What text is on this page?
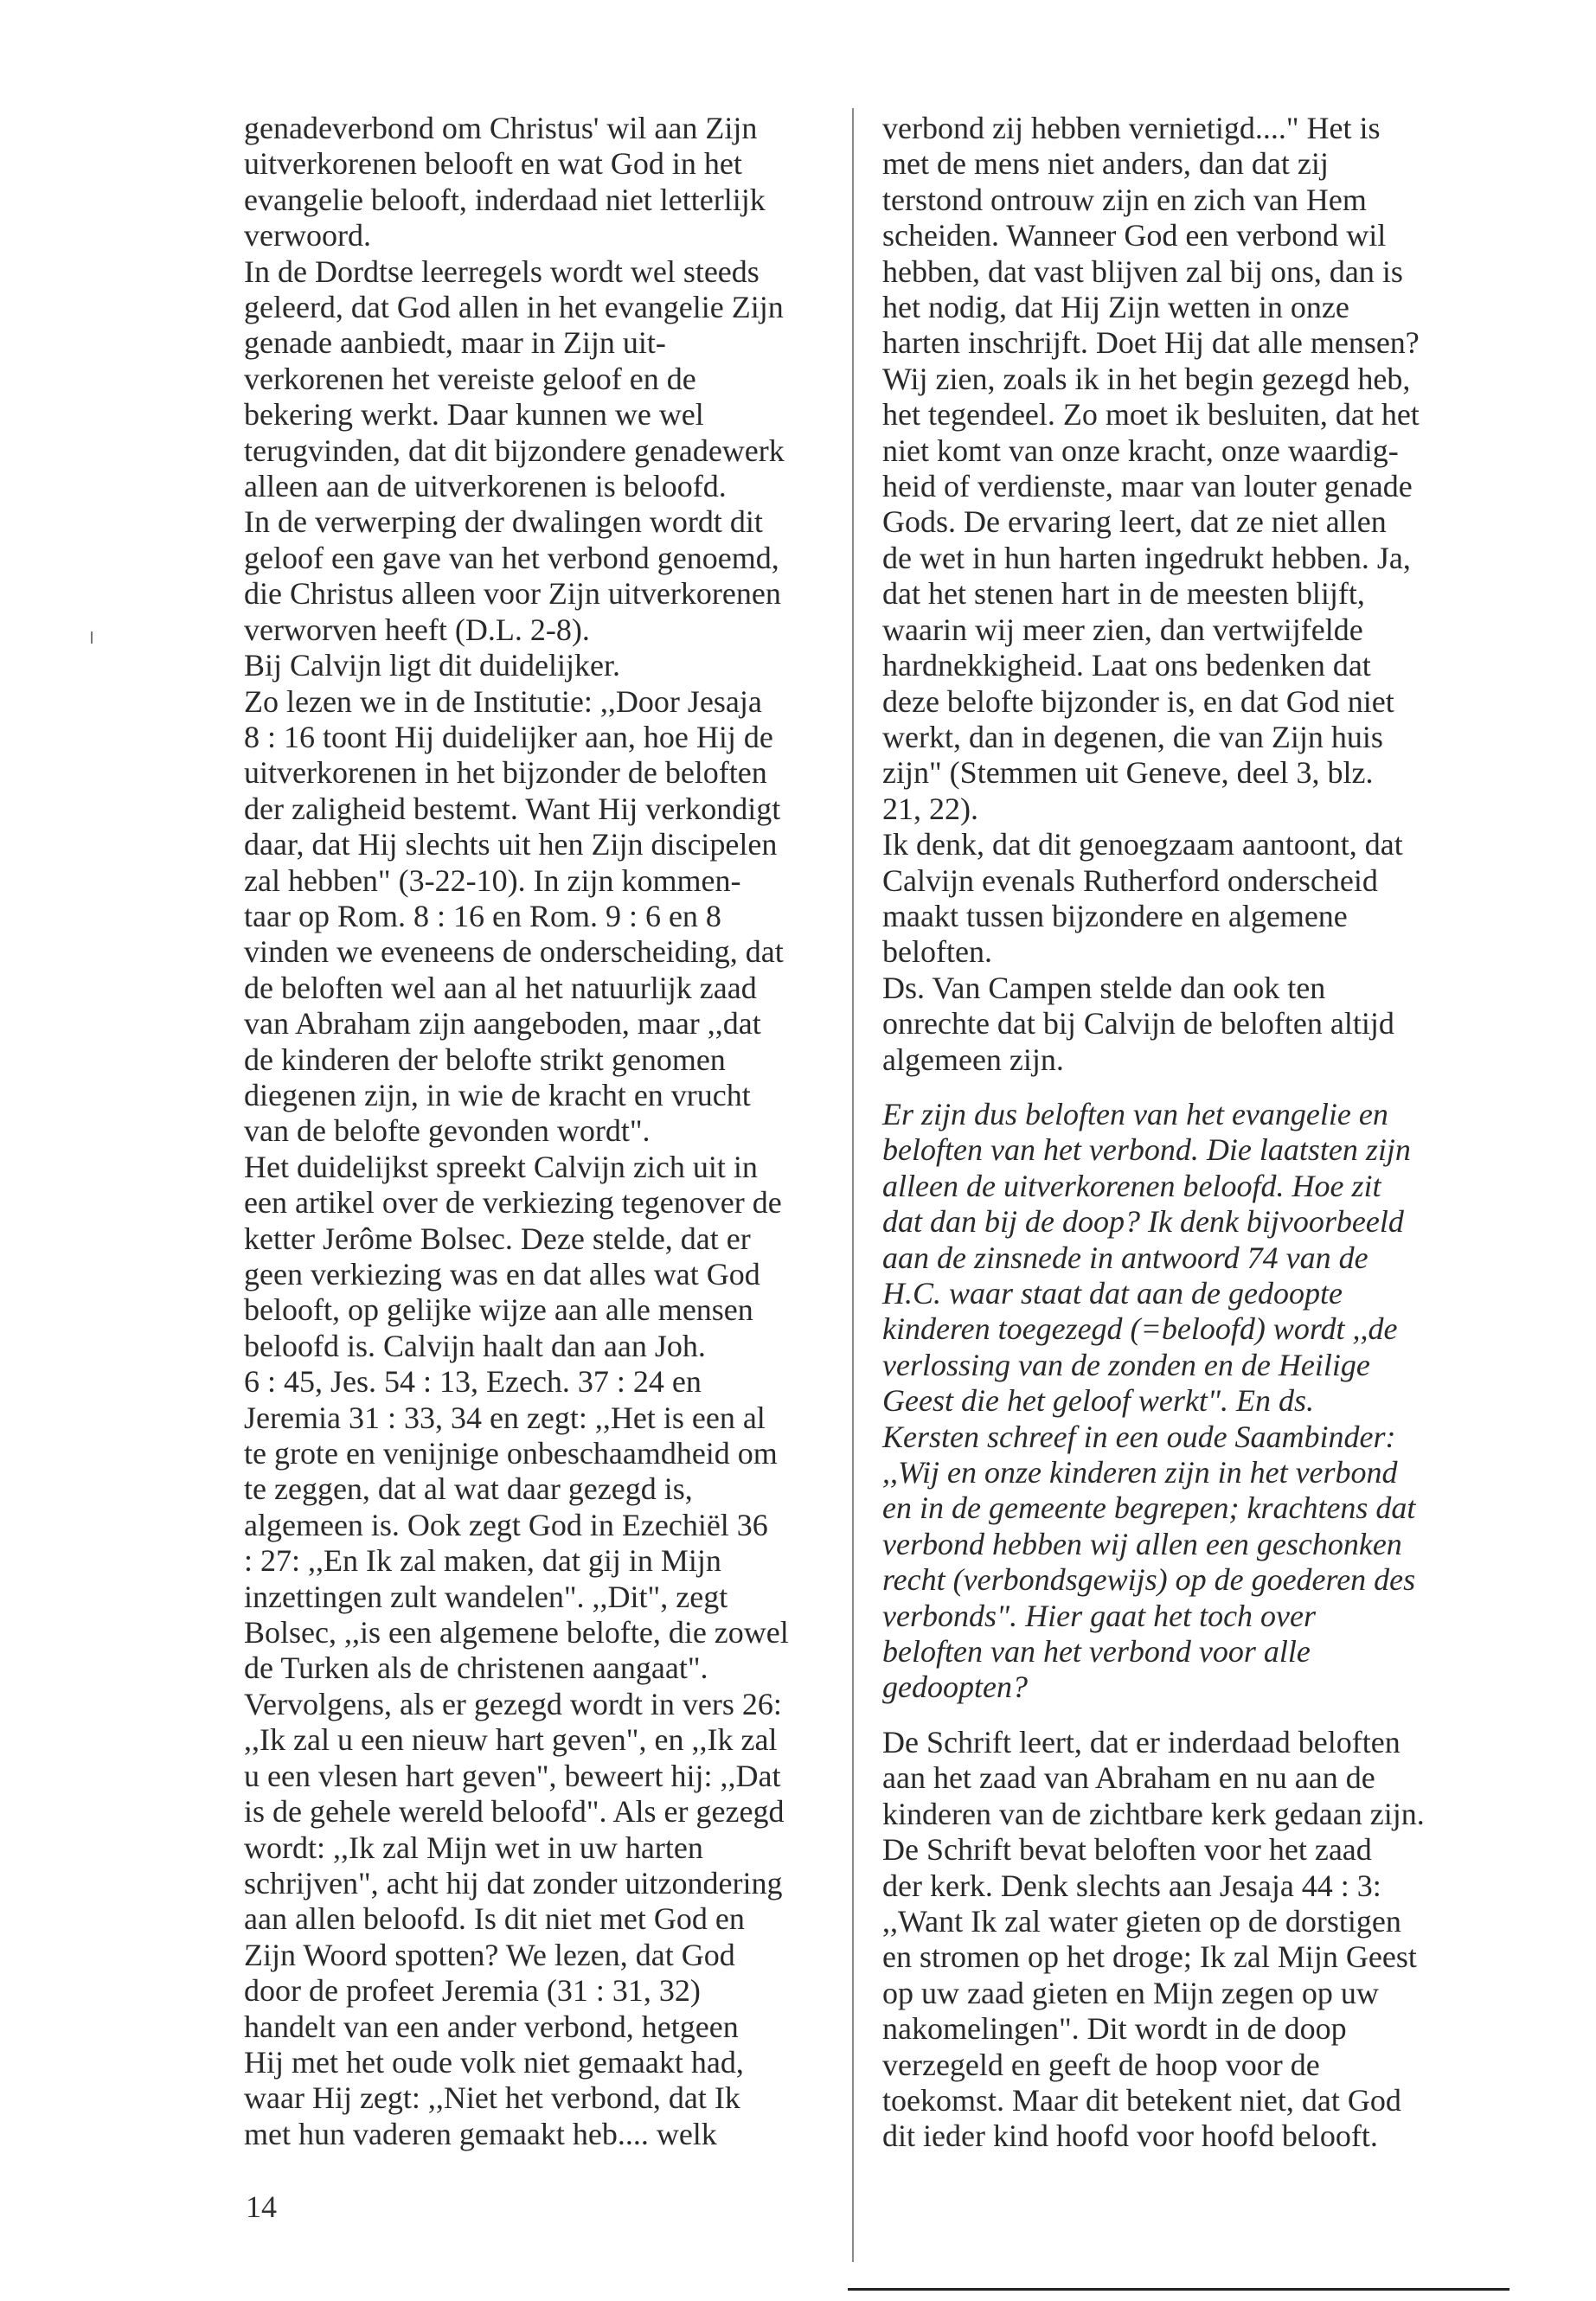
genadeverbond om Christus' wil aan Zijn
uitverkorenen belooft en wat God in het
evangelie belooft, inderdaad niet letterlijk
verwoord.

In de Dordtse leerregels wordt wel steeds
geleerd, dat God allen in het evangelie Zijn
genade aanbiedt, maar in Zijn uit-
verkorenen het vereiste geloof en de
bekering werkt. Daar kunnen we wel
terugvinden, dat dit bijzondere genadewerk
alleen aan de uitverkorenen is beloofd.

In de verwerping der dwalingen wordt dit
geloof een gave van het verbond genoemd,
die Christus alleen voor Zijn uitverkorenen
verworven heeft (D.L. 2-8).

Bij Calvijn ligt dit duidelijker.

Zo lezen we in de Institutie: ,,Door Jesaja
8 : 16 toont Hij duidelijker aan, hoe Hij de
uitverkorenen in het bijzonder de beloften
der zaligheid bestemt. Want Hij verkondigt
daar, dat Hij slechts uit hen Zijn discipelen
zal hebben" (3-22-10). In zijn kommen-
taar op Rom. 8 : 16 en Rom. 9 : 6 en 8
vinden we eveneens de onderscheiding, dat
de beloften wel aan al het natuurlijk zaad
van Abraham zijn aangeboden, maar ,,dat
de kinderen der belofte strikt genomen
diegenen zijn, in wie de kracht en vrucht
van de belofte gevonden wordt".

Het duidelijkst spreekt Calvijn zich uit in
een artikel over de verkiezing tegenover de
ketter Jerôme Bolsec. Deze stelde, dat er
geen verkiezing was en dat alles wat God
belooft, op gelijke wijze aan alle mensen
beloofd is. Calvijn haalt dan aan Joh.
6 : 45, Jes. 54 : 13, Ezech. 37 : 24 en
Jeremia 31 : 33, 34 en zegt: ,,Het is een al
te grote en venijnige onbeschaamdheid om
te zeggen, dat al wat daar gezegd is,
algemeen is. Ook zegt God in Ezechiël 36
: 27: ,,En Ik zal maken, dat gij in Mijn
inzettingen zult wandelen". ,,Dit", zegt
Bolsec, ,,is een algemene belofte, die zowel
de Turken als de christenen aangaat".

Vervolgens, als er gezegd wordt in vers 26:
,,Ik zal u een nieuw hart geven", en ,,Ik zal
u een vlesen hart geven", beweert hij: ,,Dat
is de gehele wereld beloofd". Als er gezegd
wordt: ,,Ik zal Mijn wet in uw harten
schrijven", acht hij dat zonder uitzondering
aan allen beloofd. Is dit niet met God en
Zijn Woord spotten? We lezen, dat God
door de profeet Jeremia (31 : 31, 32)
handelt van een ander verbond, hetgeen
Hij met het oude volk niet gemaakt had,
waar Hij zegt: ,,Niet het verbond, dat Ik
met hun vaderen gemaakt heb.... welk

verbond zij hebben vernietigd...." Het is
met de mens niet anders, dan dat zij
terstond ontrouw zijn en zich van Hem
scheiden. Wanneer God een verbond wil
hebben, dat vast blijven zal bij ons, dan is
het nodig, dat Hij Zijn wetten in onze
harten inschrijft. Doet Hij dat alle mensen?
Wij zien, zoals ik in het begin gezegd heb,
het tegendeel. Zo moet ik besluiten, dat het
niet komt van onze kracht, onze waardig-
heid of verdienste, maar van louter genade
Gods. De ervaring leert, dat ze niet allen
de wet in hun harten ingedrukt hebben. Ja,
dat het stenen hart in de meesten blijft,
waarin wij meer zien, dan vertwijfelde
hardnekkigheid. Laat ons bedenken dat
deze belofte bijzonder is, en dat God niet
werkt, dan in degenen, die van Zijn huis
zijn" (Stemmen uit Geneve, deel 3, blz.
21, 22).

Ik denk, dat dit genoegzaam aantoont, dat
Calvijn evenals Rutherford onderscheid
maakt tussen bijzondere en algemene
beloften.

Ds. Van Campen stelde dan ook ten
onrechte dat bij Calvijn de beloften altijd
algemeen zijn.

Er zijn dus beloften van het evangelie en
beloften van het verbond. Die laatsten zijn
alleen de uitverkorenen beloofd. Hoe zit
dat dan bij de doop? Ik denk bijvoorbeeld
aan de zinsnede in antwoord 74 van de
H.C. waar staat dat aan de gedoopte
kinderen toegezegd (=beloofd) wordt ,,de
verlossing van de zonden en de Heilige
Geest die het geloof werkt". En ds.
Kersten schreef in een oude Saambinder:
,,Wij en onze kinderen zijn in het verbond
en in de gemeente begrepen; krachtens dat
verbond hebben wij allen een geschonken
recht (verbondsgewijs) op de goederen des
verbonds". Hier gaat het toch over
beloften van het verbond voor alle
gedoopten?

De Schrift leert, dat er inderdaad beloften
aan het zaad van Abraham en nu aan de
kinderen van de zichtbare kerk gedaan zijn.
De Schrift bevat beloften voor het zaad
der kerk. Denk slechts aan Jesaja 44 : 3:
,,Want Ik zal water gieten op de dorstigen
en stromen op het droge; Ik zal Mijn Geest
op uw zaad gieten en Mijn zegen op uw
nakomelingen". Dit wordt in de doop
verzegeld en geeft de hoop voor de
toekomst. Maar dit betekent niet, dat God
dit ieder kind hoofd voor hoofd belooft.

14
